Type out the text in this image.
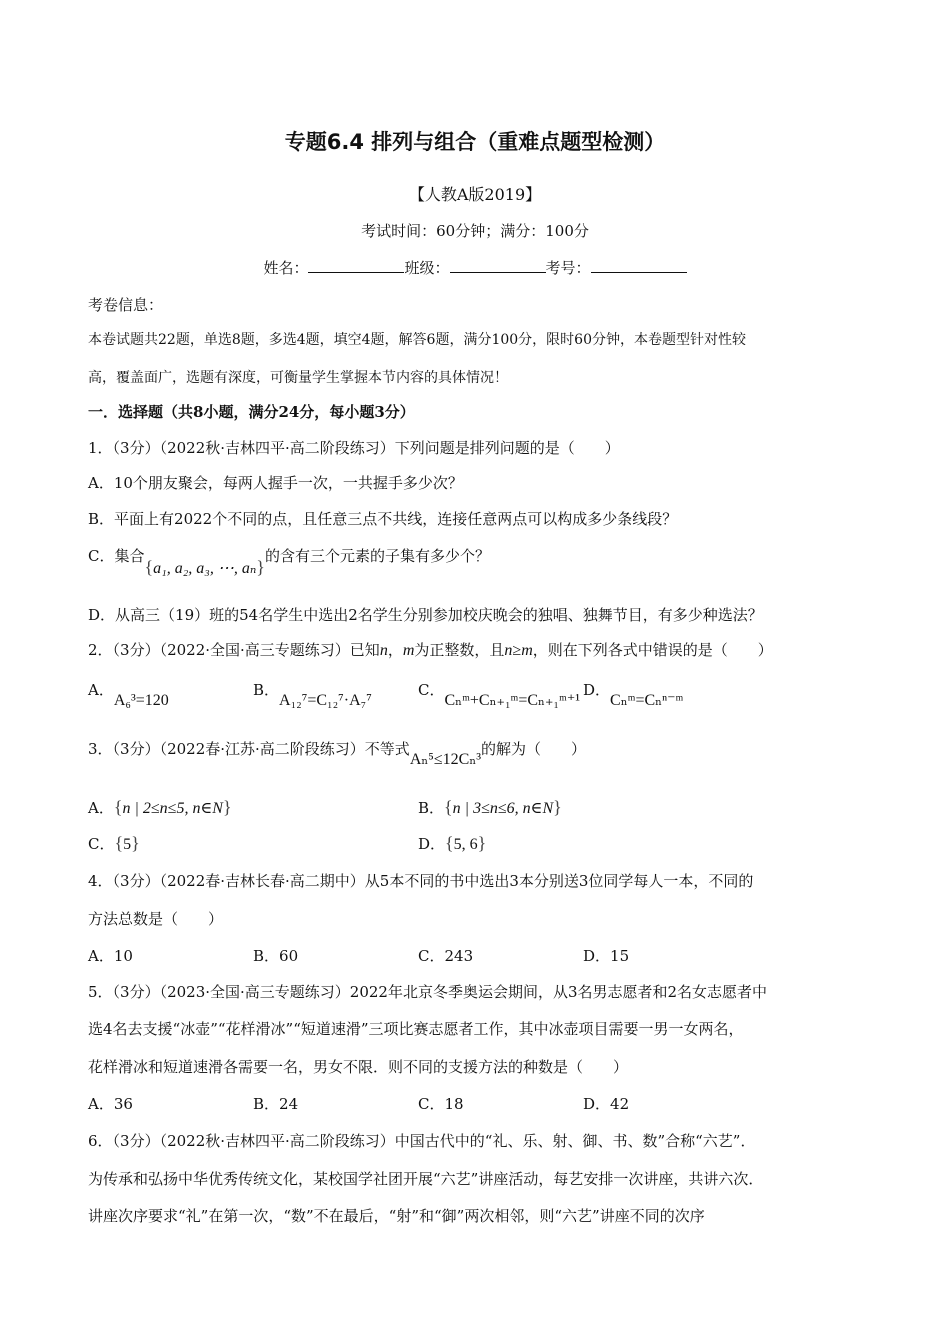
专题6.4 排列与组合（重难点题型检测）
【人教A版2019】
考试时间：60分钟；满分：100分
姓名：	班级：	考号：
考卷信息：
本卷试题共22题，单选8题，多选4题，填空4题，解答6题，满分100分，限时60分钟，本卷题型针对性较
高，覆盖面广，选题有深度，可衡量学生掌握本节内容的具体情况！
一．选择题（共8小题，满分24分，每小题3分）
1．（3分）（2022秋·吉林四平·高二阶段练习）下列问题是排列问题的是（　　）
A．10个朋友聚会，每两人握手一次，一共握手多少次？
B．平面上有2022个不同的点，且任意三点不共线，连接任意两点可以构成多少条线段？
C．集合{a₁, a₂, a₃, ⋯, aₙ}的含有三个元素的子集有多少个？
D．从高三（19）班的54名学生中选出2名学生分别参加校庆晚会的独唱、独舞节目，有多少种选法？
2．（3分）（2022·全国·高三专题练习）已知n，m为正整数，且n≥m，则在下列各式中错误的是（　　）
A．A₆³=120
B．A₁₂⁷=C₁₂⁷·A₇⁷
C．Cₙᵐ+Cₙ₊₁ᵐ=Cₙ₊₁ᵐ⁺¹
D．Cₙᵐ=Cₙⁿ⁻ᵐ
3．（3分）（2022春·江苏·高二阶段练习）不等式Aₙ⁵≤12Cₙ³的解为（　　）
A．{n | 2≤n≤5, n∈N}	B．{n | 3≤n≤6, n∈N}
C．{5}	D．{5, 6}
4．（3分）（2022春·吉林长春·高二期中）从5本不同的书中选出3本分别送3位同学每人一本，不同的
方法总数是（　　）
A．10	B．60	C．243	D．15
5．（3分）（2023·全国·高三专题练习）2022年北京冬季奥运会期间，从3名男志愿者和2名女志愿者中
选4名去支援“冰壶”“花样滑冰”“短道速滑”三项比赛志愿者工作，其中冰壶项目需要一男一女两名，
花样滑冰和短道速滑各需要一名，男女不限．则不同的支援方法的种数是（　　）
A．36	B．24	C．18	D．42
6．（3分）（2022秋·吉林四平·高二阶段练习）中国古代中的“礼、乐、射、御、书、数”合称“六艺”．
为传承和弘扬中华优秀传统文化，某校国学社团开展“六艺”讲座活动，每艺安排一次讲座，共讲六次．
讲座次序要求“礼”在第一次，“数”不在最后，“射”和“御”两次相邻，则“六艺”讲座不同的次序
